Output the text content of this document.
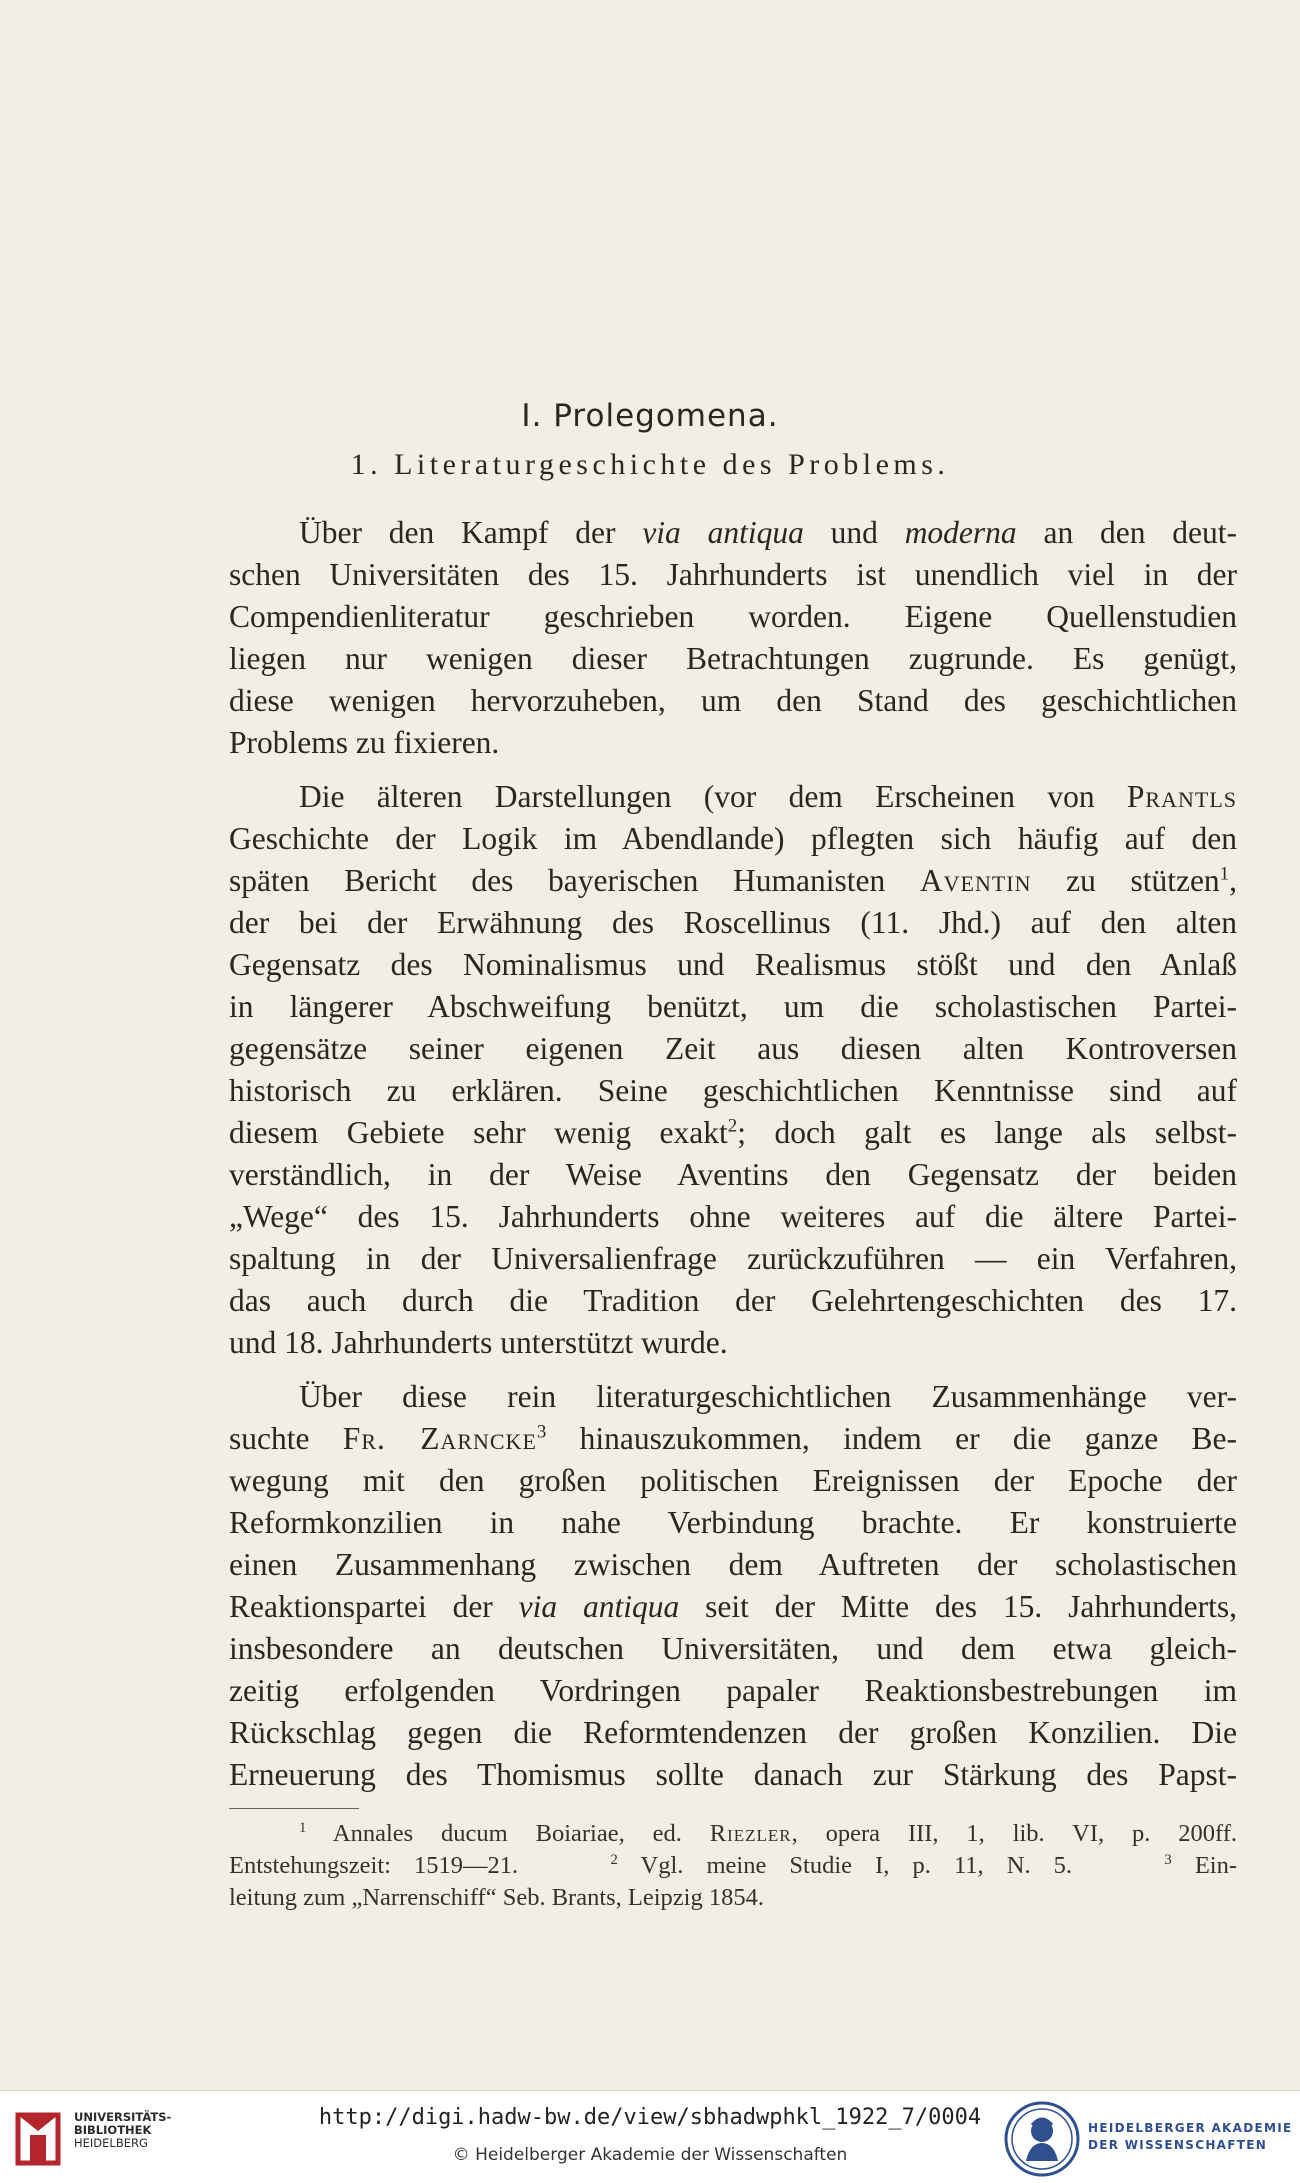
I. Prolegomena.
1. Literaturgeschichte des Problems.
Über den Kampf der via antiqua und moderna an den deut-
schen Universitäten des 15. Jahrhunderts ist unendlich viel in der
Compendienliteratur geschrieben worden. Eigene Quellenstudien
liegen nur wenigen dieser Betrachtungen zugrunde. Es genügt,
diese wenigen hervorzuheben, um den Stand des geschichtlichen
Problems zu fixieren.
Die älteren Darstellungen (vor dem Erscheinen von Prantls
Geschichte der Logik im Abendlande) pflegten sich häufig auf den
späten Bericht des bayerischen Humanisten Aventin zu stützen$^1$,
der bei der Erwähnung des Roscellinus (11. Jhd.) auf den alten
Gegensatz des Nominalismus und Realismus stößt und den Anlaß
in längerer Abschweifung benützt, um die scholastischen Partei-
gegensätze seiner eigenen Zeit aus diesen alten Kontroversen
historisch zu erklären. Seine geschichtlichen Kenntnisse sind auf
diesem Gebiete sehr wenig exakt$^2$; doch galt es lange als selbst-
verständlich, in der Weise Aventins den Gegensatz der beiden
„Wege“ des 15. Jahrhunderts ohne weiteres auf die ältere Partei-
spaltung in der Universalienfrage zurückzuführen — ein Verfahren,
das auch durch die Tradition der Gelehrtengeschichten des 17.
und 18. Jahrhunderts unterstützt wurde.
Über diese rein literaturgeschichtlichen Zusammenhänge ver-
suchte Fr. Zarncke$^3$ hinauszukommen, indem er die ganze Be-
wegung mit den großen politischen Ereignissen der Epoche der
Reformkonzilien in nahe Verbindung brachte. Er konstruierte
einen Zusammenhang zwischen dem Auftreten der scholastischen
Reaktionspartei der via antiqua seit der Mitte des 15. Jahrhunderts,
insbesondere an deutschen Universitäten, und dem etwa gleich-
zeitig erfolgenden Vordringen papaler Reaktionsbestrebungen im
Rückschlag gegen die Reformtendenzen der großen Konzilien. Die
Erneuerung des Thomismus sollte danach zur Stärkung des Papst-
$^1$ Annales ducum Boiariae, ed. Riezler, opera III, 1, lib. VI, p. 200ff.
Entstehungszeit: 1519—21.    $^2$ Vgl. meine Studie I, p. 11, N. 5.    $^3$ Ein-
leitung zum „Narrenschiff“ Seb. Brants, Leipzig 1854.
UNIVERSITÄTS-
BIBLIOTHEK
HEIDELBERG
http://digi.hadw-bw.de/view/sbhadwphkl_1922_7/0004
© Heidelberger Akademie der Wissenschaften
HEIDELBERGER AKADEMIE
DER WISSENSCHAFTEN
